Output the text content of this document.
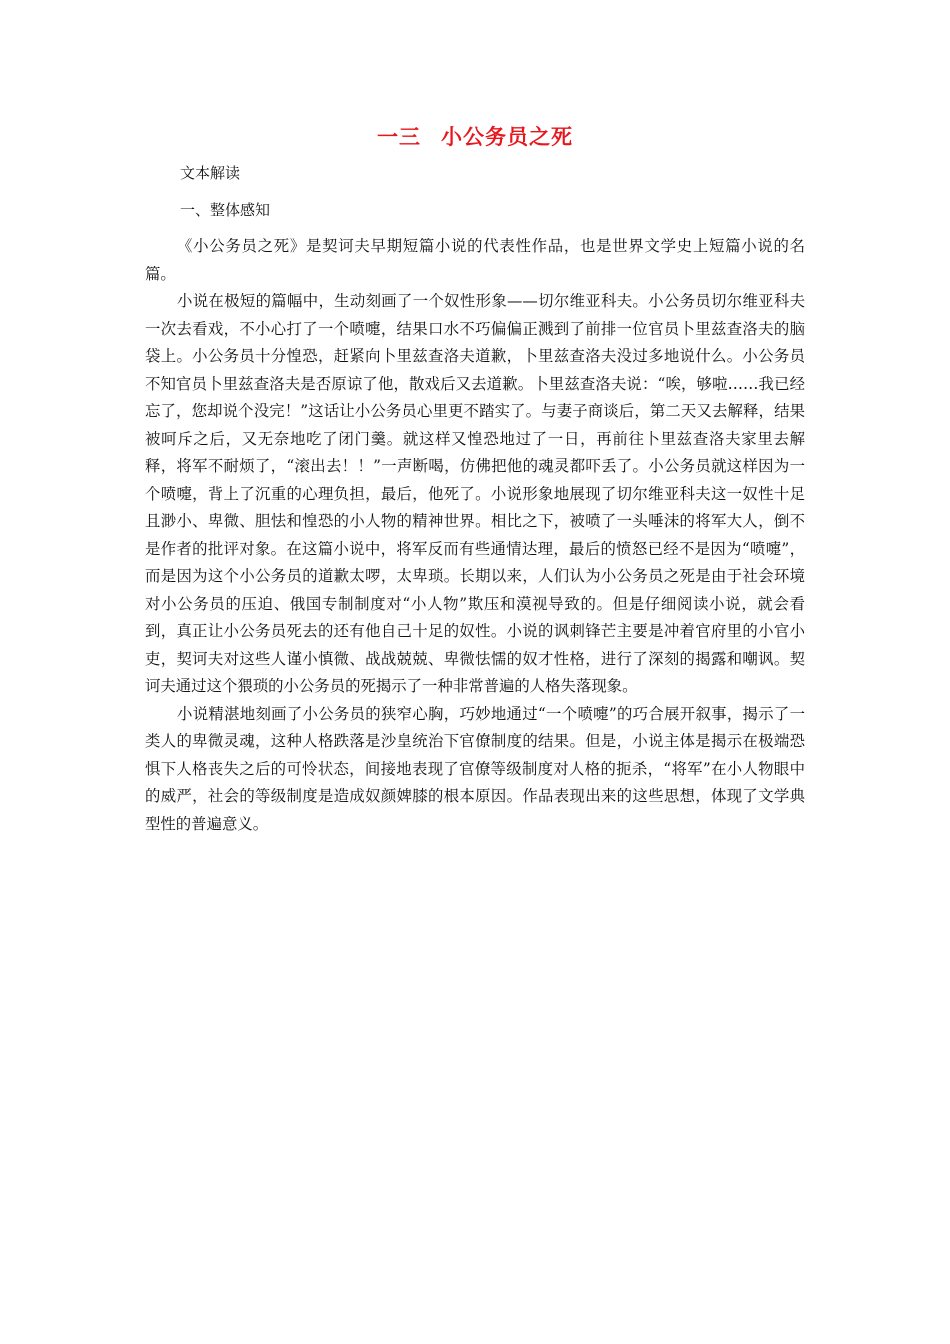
一三 小公务员之死
文本解读
一、整体感知

《小公务员之死》是契诃夫早期短篇小说的代表性作品，也是世界文学史上短篇小说的名篇。

小说在极短的篇幅中，生动刻画了一个奴性形象——切尔维亚科夫。小公务员切尔维亚科夫一次去看戏，不小心打了一个喷嚏，结果口水不巧偏偏正溅到了前排一位官员卜里兹查洛夫的脑袋上。小公务员十分惶恐，赶紧向卜里兹查洛夫道歉，卜里兹查洛夫没过多地说什么。小公务员不知官员卜里兹查洛夫是否原谅了他，散戏后又去道歉。卜里兹查洛夫说：“唉，够啦……我已经忘了，您却说个没完！”这话让小公务员心里更不踏实了。与妻子商谈后，第二天又去解释，结果被呵斥之后，又无奈地吃了闭门羹。就这样又惶恐地过了一日，再前往卜里兹查洛夫家里去解释，将军不耐烦了，“滚出去！！”一声断喝，仿佛把他的魂灵都吓丢了。小公务员就这样因为一个喷嚏，背上了沉重的心理负担，最后，他死了。小说形象地展现了切尔维亚科夫这一奴性十足且渺小、卑微、胆怯和惶恐的小人物的精神世界。相比之下，被喷了一头唾沫的将军大人，倒不是作者的批评对象。在这篇小说中，将军反而有些通情达理，最后的愤怒已经不是因为“喷嚏”，而是因为这个小公务员的道歉太啰，太卑琐。长期以来，人们认为小公务员之死是由于社会环境对小公务员的压迫、俄国专制制度对“小人物”欺压和漠视导致的。但是仔细阅读小说，就会看到，真正让小公务员死去的还有他自己十足的奴性。小说的讽刺锋芒主要是冲着官府里的小官小吏，契诃夫对这些人谨小慎微、战战兢兢、卑微怯懦的奴才性格，进行了深刻的揭露和嘲讽。契诃夫通过这个猥琐的小公务员的死揭示了一种非常普遍的人格失落现象。

小说精湛地刻画了小公务员的狭窄心胸，巧妙地通过“一个喷嚏”的巧合展开叙事，揭示了一类人的卑微灵魂，这种人格跌落是沙皇统治下官僚制度的结果。但是，小说主体是揭示在极端恐惧下人格丧失之后的可怜状态，间接地表现了官僚等级制度对人格的扼杀，“将军”在小人物眼中的威严，社会的等级制度是造成奴颜婢膝的根本原因。作品表现出来的这些思想，体现了文学典型性的普遍意义。
